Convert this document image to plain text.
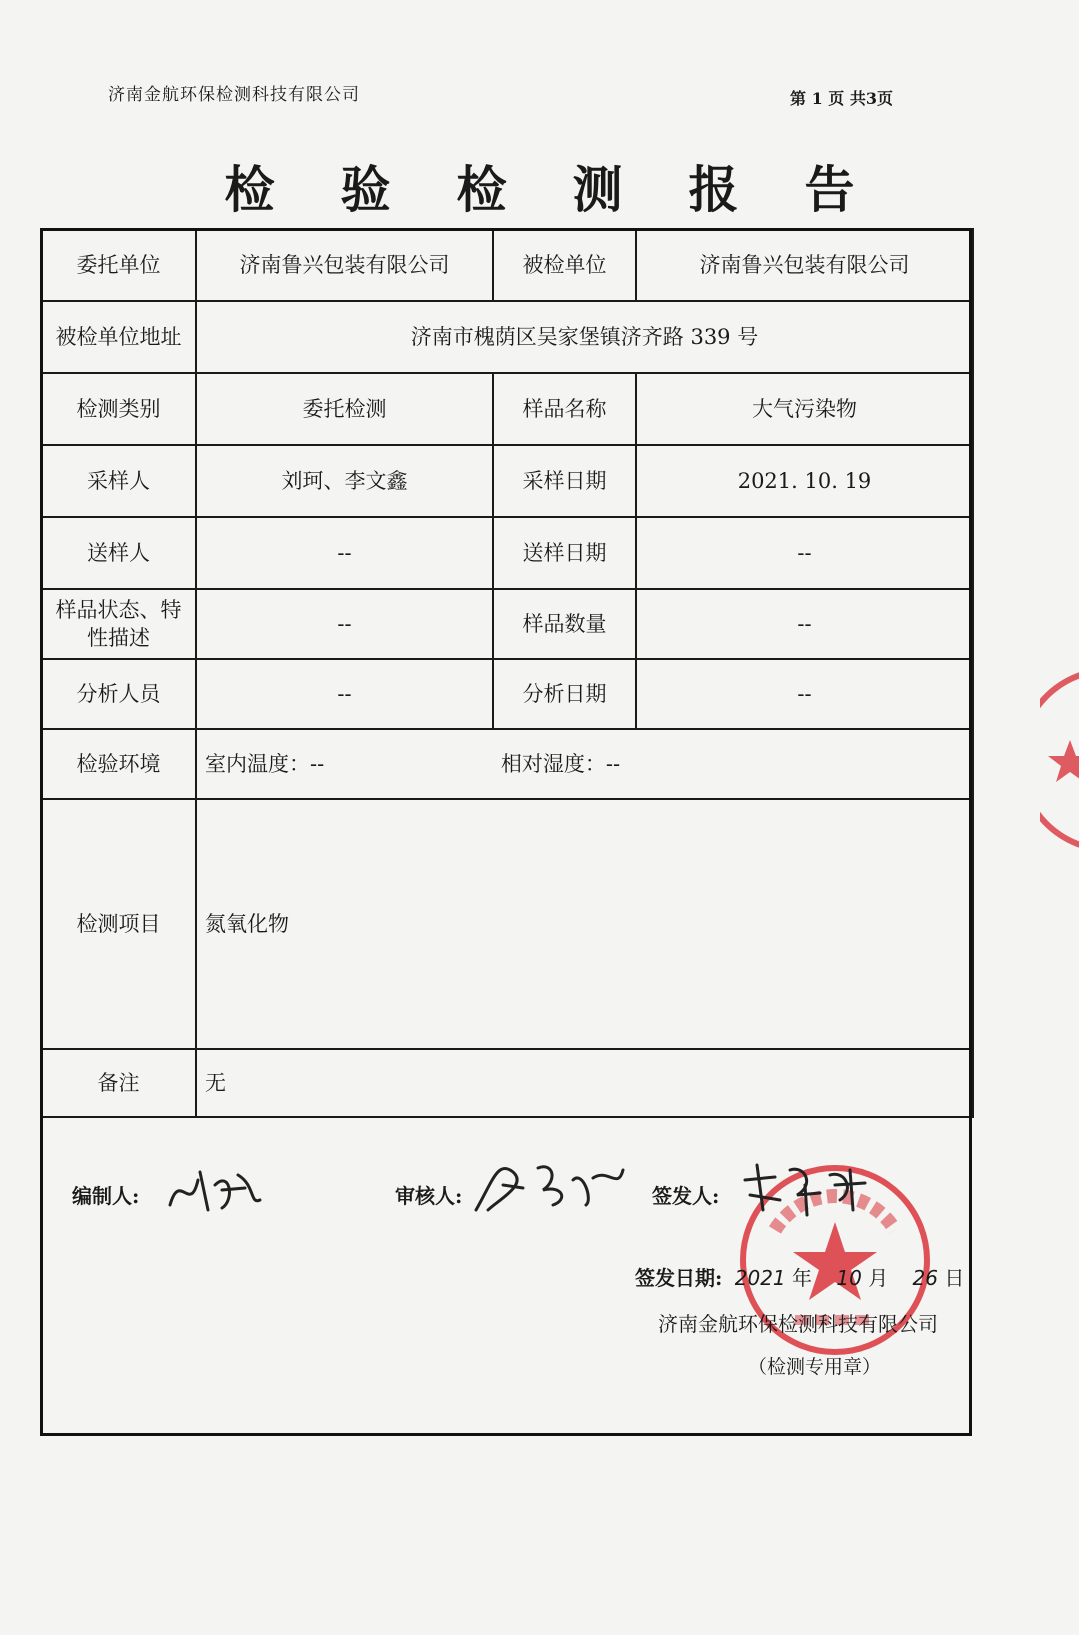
济南金航环保检测科技有限公司	第 1 页 共3页
检验检测报告
委托单位	济南鲁兴包装有限公司	被检单位	济南鲁兴包装有限公司
被检单位地址	济南市槐荫区吴家堡镇济齐路 339 号		
检测类别	委托检测	样品名称	大气污染物
采样人	刘珂、李文鑫	采样日期	2021. 10. 19
送样人	--	送样日期	--
样品状态、特性描述	--	样品数量	--
分析人员	--	分析日期	--
检验环境	室内温度：-- 相对湿度：--		
检测项目	氮氧化物		
备注	无		
编制人:	审核人:	签发人:
签发日期: 2021 年 10 月 26 日
济南金航环保检测科技有限公司
（检测专用章）
